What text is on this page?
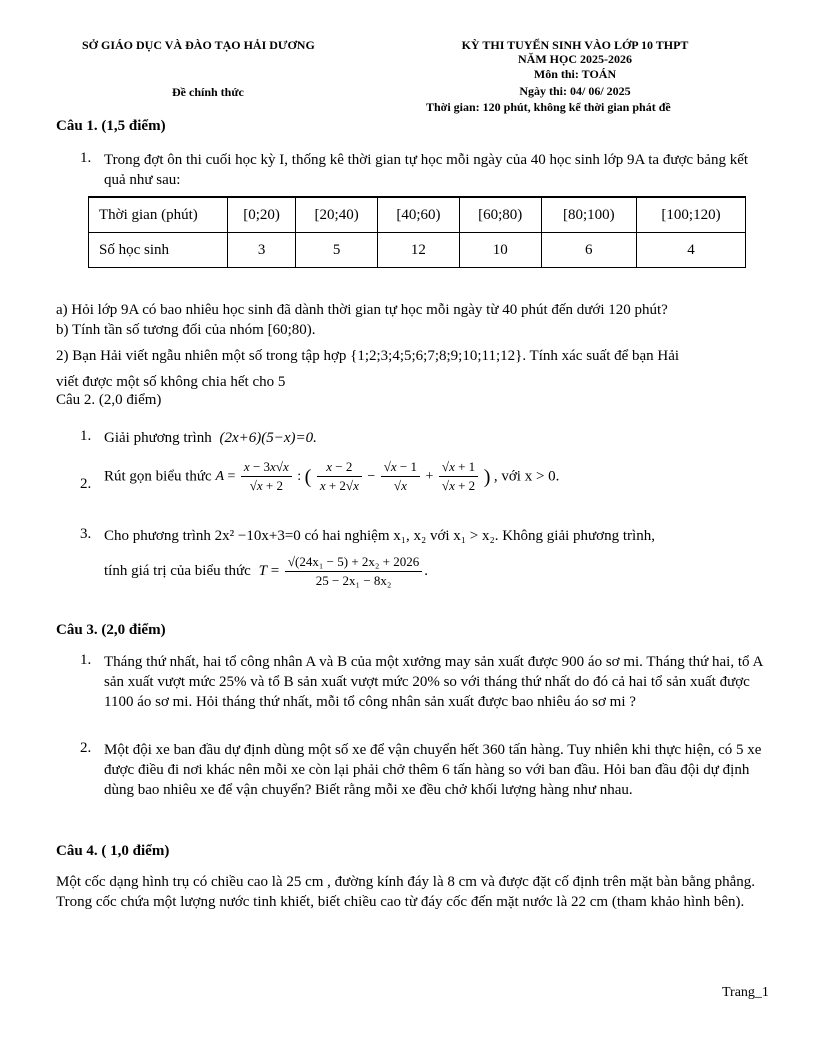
SỞ GIÁO DỤC VÀ ĐÀO TẠO HẢI DƯƠNG
Đề chính thức
KỲ THI TUYỂN SINH VÀO LỚP 10 THPT
NĂM HỌC 2025-2026
Môn thi: TOÁN
Ngày thi: 04/ 06/ 2025
Thời gian: 120 phút, không kể thời gian phát đề
Câu 1. (1,5 điểm)
1. Trong đợt ôn thi cuối học kỳ I, thống kê thời gian tự học mỗi ngày của 40 học sinh lớp 9A ta được bảng kết quả như sau:
Thời gian (phút)	[0;20)	[20;40)	[40;60)	[60;80)	[80;100)	[100;120)
Số học sinh	3	5	12	10	6	4
a) Hỏi lớp 9A có bao nhiêu học sinh đã dành thời gian tự học mỗi ngày từ 40 phút đến dưới 120 phút?
b) Tính tần số tương đối của nhóm [60;80).
2) Bạn Hải viết ngẫu nhiên một số trong tập hợp {1;2;3;4;5;6;7;8;9;10;11;12}. Tính xác suất để bạn Hải
viết được một số không chia hết cho 5
Câu 2. (2,0 điểm)
1. Giải phương trình (2x+6)(5−x)=0.
2. Rút gọn biểu thức $A = \frac{x - 3x√x}{√x + 2}$ : ( $\frac{x - 2}{x + 2√x} - \frac{√x - 1}{√x} + \frac{√x + 1}{√x + 2}$ ) , với x > 0.
3. Cho phương trình 2x² −10x+3=0 có hai nghiệm x₁, x₂ với x₁ > x₂. Không giải phương trình,
tính giá trị của biểu thức $T = \frac{\text{√(24x₁ − 5) + 2x₂ + 2026}}{\text{25 − 2x₁ − 8x₂}}$ .
Câu 3. (2,0 điểm)
1. Tháng thứ nhất, hai tổ công nhân A và B của một xưởng may sản xuất được 900 áo sơ mi. Tháng thứ hai, tổ A sản xuất vượt mức 25% và tổ B sản xuất vượt mức 20% so với tháng thứ nhất do đó cả hai tổ sản xuất được 1100 áo sơ mi. Hỏi tháng thứ nhất, mỗi tổ công nhân sản xuất được bao nhiêu áo sơ mi ?
2. Một đội xe ban đầu dự định dùng một số xe để vận chuyển hết 360 tấn hàng. Tuy nhiên khi thực hiện, có 5 xe được điều đi nơi khác nên mỗi xe còn lại phải chở thêm 6 tấn hàng so với ban đầu. Hỏi ban đầu đội dự định dùng bao nhiêu xe để vận chuyển? Biết rằng mỗi xe đều chở khối lượng hàng như nhau.
Câu 4. ( 1,0 điểm)
Một cốc dạng hình trụ có chiều cao là 25 cm , đường kính đáy là 8 cm và được đặt cố định trên mặt bàn bằng phẳng. Trong cốc chứa một lượng nước tinh khiết, biết chiều cao từ đáy cốc đến mặt nước là 22 cm (tham khảo hình bên).
Trang_1
